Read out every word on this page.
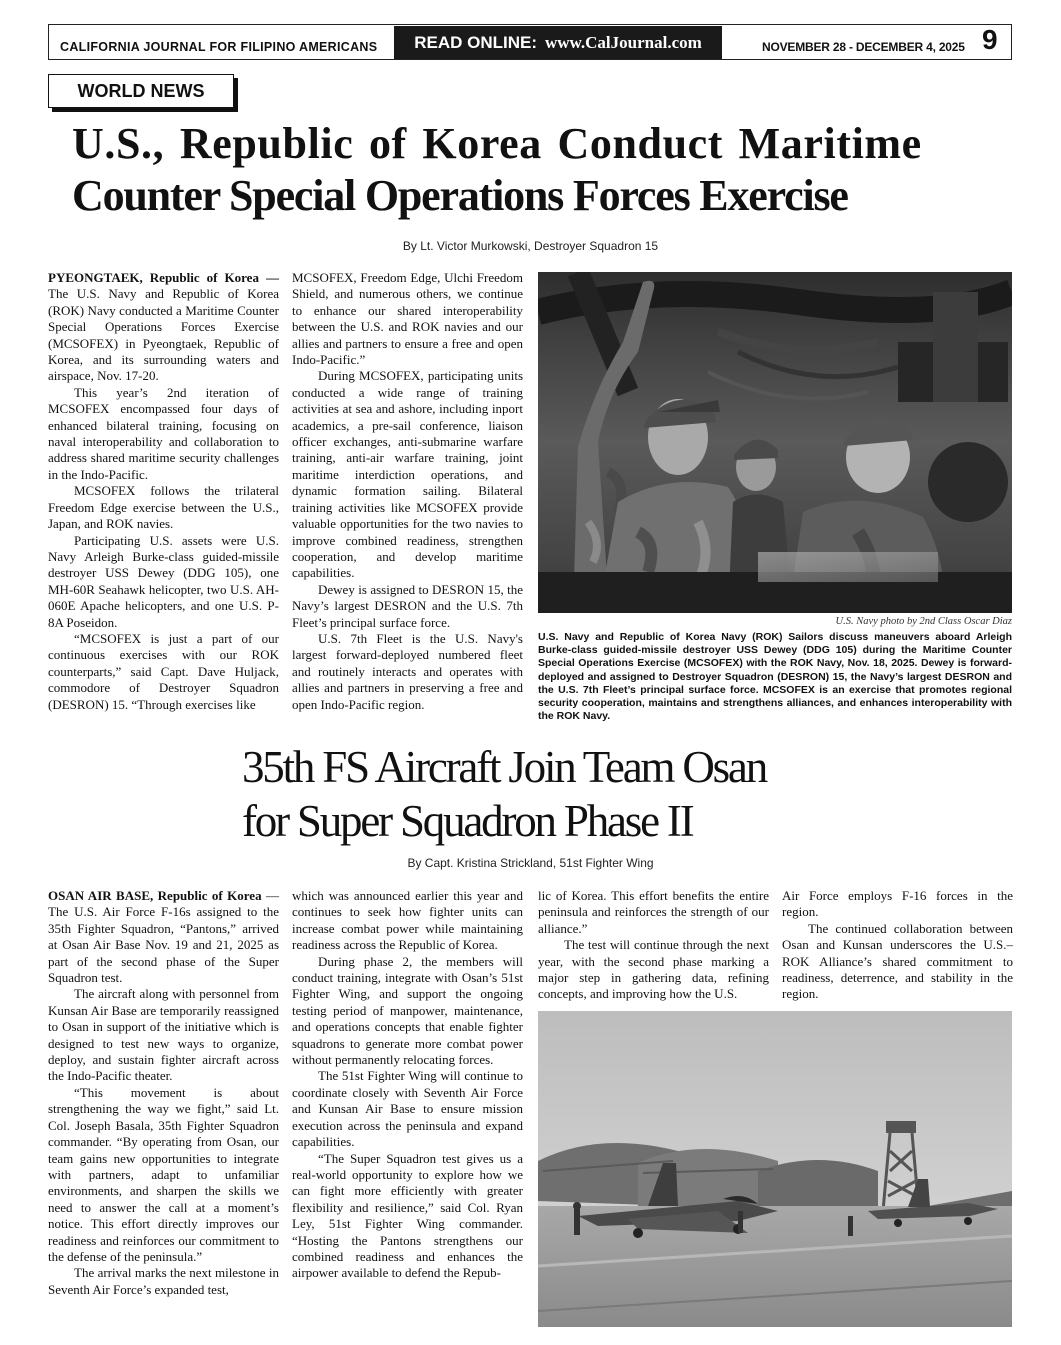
CALIFORNIA JOURNAL FOR FILIPINO AMERICANS READ ONLINE: www.CalJournal.com	NOVEMBER 28 - DECEMBER 4, 2025 9
WORLD NEWS
U.S., Republic of Korea Conduct Maritime
Counter Special Operations Forces Exercise
By Lt. Victor Murkowski, Destroyer Squadron 15

PYEONGTAEK, Republic of Korea — The U.S. Navy and Republic of Korea (ROK) Navy conducted a Maritime Counter Special Operations Forces Exercise (MCSOFEX) in Pyeongtaek, Republic of Korea, and its surrounding waters and airspace, Nov. 17-20.

This year’s 2nd iteration of MCSOFEX encompassed four days of enhanced bilateral training, focusing on naval interoperability and collaboration to address shared maritime security challenges in the Indo-Pacific.

MCSOFEX follows the trilateral Freedom Edge exercise between the U.S., Japan, and ROK navies.

Participating U.S. assets were U.S. Navy Arleigh Burke-class guided-missile destroyer USS Dewey (DDG 105), one MH-60R Seahawk helicopter, two U.S. AH-060E Apache helicopters, and one U.S. P-8A Poseidon.

“MCSOFEX is just a part of our continuous exercises with our ROK counterparts,” said Capt. Dave Huljack, commodore of Destroyer Squadron (DESRON) 15. “Through exercises like

MCSOFEX, Freedom Edge, Ulchi Freedom Shield, and numerous others, we continue to enhance our shared interoperability between the U.S. and ROK navies and our allies and partners to ensure a free and open Indo-Pacific.”

During MCSOFEX, participating units conducted a wide range of training activities at sea and ashore, including inport academics, a pre-sail conference, liaison officer exchanges, anti-submarine warfare training, anti-air warfare training, joint maritime interdiction operations, and dynamic formation sailing. Bilateral training activities like MCSOFEX provide valuable opportunities for the two navies to improve combined readiness, strengthen cooperation, and develop maritime capabilities.

Dewey is assigned to DESRON 15, the Navy’s largest DESRON and the U.S. 7th Fleet’s principal surface force.

U.S. 7th Fleet is the U.S. Navy's largest forward-deployed numbered fleet and routinely interacts and operates with allies and partners in preserving a free and open Indo-Pacific region.

U.S. Navy photo by 2nd Class Oscar Diaz
U.S. Navy and Republic of Korea Navy (ROK) Sailors discuss maneuvers aboard Arleigh Burke-class guided-missile destroyer USS Dewey (DDG 105) during the Maritime Counter Special Operations Exercise (MCSOFEX) with the ROK Navy, Nov. 18, 2025. Dewey is forward-deployed and assigned to Destroyer Squadron (DESRON) 15, the Navy’s largest DESRON and the U.S. 7th Fleet’s principal surface force. MCSOFEX is an exercise that promotes regional security cooperation, maintains and strengthens alliances, and enhances interoperability with the ROK Navy.
35th FS Aircraft Join Team Osan
for Super Squadron Phase II
By Capt. Kristina Strickland, 51st Fighter Wing

OSAN AIR BASE, Republic of Korea — The U.S. Air Force F-16s assigned to the 35th Fighter Squadron, “Pantons,” arrived at Osan Air Base Nov. 19 and 21, 2025 as part of the second phase of the Super Squadron test.

The aircraft along with personnel from Kunsan Air Base are temporarily reassigned to Osan in support of the initiative which is designed to test new ways to organize, deploy, and sustain fighter aircraft across the Indo-Pacific theater.

“This movement is about strengthening the way we fight,” said Lt. Col. Joseph Basala, 35th Fighter Squadron commander. “By operating from Osan, our team gains new opportunities to integrate with partners, adapt to unfamiliar environments, and sharpen the skills we need to answer the call at a moment’s notice. This effort directly improves our readiness and reinforces our commitment to the defense of the peninsula.”

The arrival marks the next milestone in Seventh Air Force’s expanded test,

which was announced earlier this year and continues to seek how fighter units can increase combat power while maintaining readiness across the Republic of Korea.

During phase 2, the members will conduct training, integrate with Osan’s 51st Fighter Wing, and support the ongoing testing period of manpower, maintenance, and operations concepts that enable fighter squadrons to generate more combat power without permanently relocating forces.

The 51st Fighter Wing will continue to coordinate closely with Seventh Air Force and Kunsan Air Base to ensure mission execution across the peninsula and expand capabilities.

“The Super Squadron test gives us a real-world opportunity to explore how we can fight more efficiently with greater flexibility and resilience,” said Col. Ryan Ley, 51st Fighter Wing commander. “Hosting the Pantons strengthens our combined readiness and enhances the airpower available to defend the Repub-

lic of Korea. This effort benefits the entire peninsula and reinforces the strength of our alliance.”

The test will continue through the next year, with the second phase marking a major step in gathering data, refining concepts, and improving how the U.S.

Air Force employs F-16 forces in the region.

The continued collaboration between Osan and Kunsan underscores the U.S.–ROK Alliance’s shared commitment to readiness, deterrence, and stability in the region.
